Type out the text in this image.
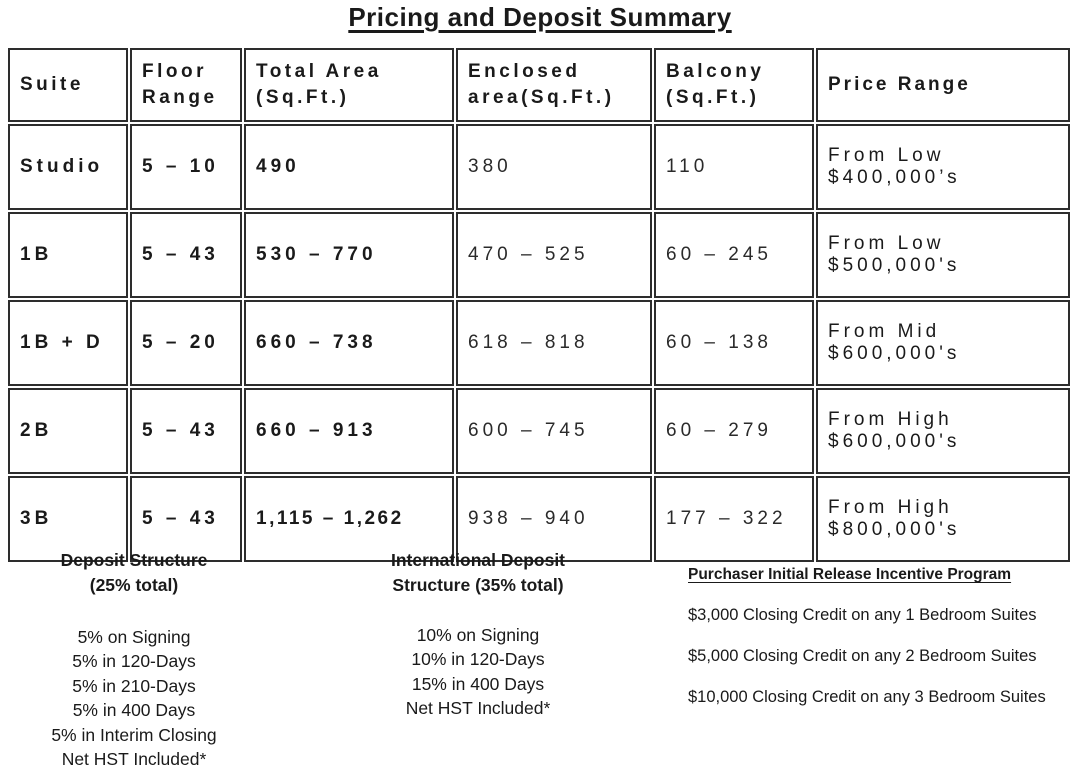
Pricing and Deposit Summary
Suite	Floor Range	Total Area (Sq.Ft.)	Enclosed area(Sq.Ft.)	Balcony (Sq.Ft.)	Price Range
Studio	5 – 10	490	380	110	From Low $400,000’s
1B	5 – 43	530 – 770	470 – 525	60 – 245	From Low $500,000's
1B + D	5 – 20	660 – 738	618 – 818	60 – 138	From Mid $600,000's
2B	5 – 43	660 – 913	600 – 745	60 – 279	From High $600,000's
3B	5 – 43	1,115 – 1,262	938 – 940	177 – 322	From High $800,000's
Deposit Structure
(25% total)
5% on Signing
5% in 120-Days
5% in 210-Days
5% in 400 Days
5% in Interim Closing
Net HST Included*
International Deposit
Structure (35% total)
10% on Signing
10% in 120-Days
15% in 400 Days
Net HST Included*
Purchaser Initial Release Incentive Program
$3,000 Closing Credit on any 1 Bedroom Suites
$5,000 Closing Credit on any 2 Bedroom Suites
$10,000 Closing Credit on any 3 Bedroom Suites
